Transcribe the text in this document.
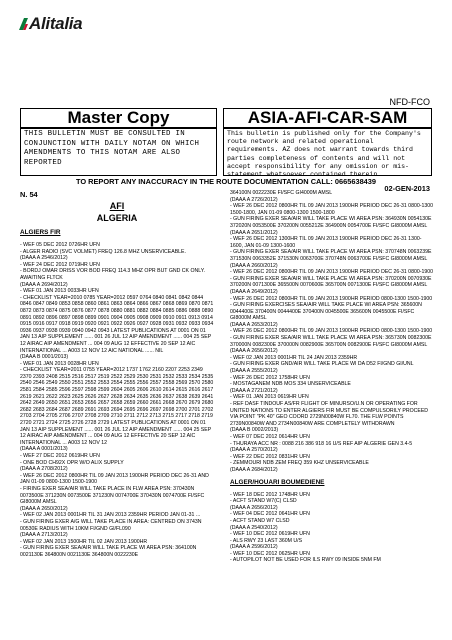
Alitalia
NFD-FCO
Master Copy	ASIA-AFI-CAR-SAM
THIS BULLETIN MUST BE CONSULTED IN CONJUNCTION WITH DAILY NOTAM ON WHICH AMENDMENTS TO THIS NOTAM ARE ALSO REPORTED
This bulletin is published only for the Company's route network and related operational requirements. AZ does not warrant towards third parties completeness of contents and will not accept responsibility for any omission or mis-statement whatsoever contained therein.
TO REPORT ANY INACCURACY IN THE ROUTE DOCUMENTATION CALL: 0665638439
02-GEN-2013
N. 54
AFI
ALGERIA
ALGIERS FIR

- WEF 05 DEC 2012 0726HR UFN
- ALGER RADIO (SVC VOLMET) FREQ 126.8 MHZ UNSERVICEABLE.
(DAAA A 2546/2012)

- WEF 24 DEC 2012 0719HR UFN
- BORDJ OMAR DRISS VOR BOD FREQ 114.3 MHZ OPR BUT GND CK ONLY. AWAITING FLTCK
(DAAA A 2694/2012)

- WEF 01 JAN 2013 0033HR UFN
- CHECKLIST YEAR=2010 0785 YEAR=2012 0597 0764 0840 0841 0842 0844 0846 0847 0849 0853 0858 0860 0861 0863 0864 0866 0867 0868 0869 0870 0871 0872 0873 0874 0875 0876 0877 0878 0880 0881 0882 0884 0885 0886 0888 0890 0891 0892 0896 0897 0898 0899 0901 0904 0905 0908 0909 0910 0911 0913 0914 0915 0916 0917 0918 0919 0920 0921 0922 0926 0927 0928 0931 0932 0933 0934 0936 0937 0938 0939 0940 0942 0943 LATEST PUBLICATIONS AT 0001 ON 01 JAN 13 AIP SUPPLEMENT ...... 001 26 JUL 12 AIP AMENDMENT ...... 004 25 SEP 12 AIRAC AIP AMENDMENT ... 004 09 AUG 12 EFFECTIVE 20 SEP 12 AIC INTERNATIONAL ... A003 12 NOV 12 AIC NATIONAL ...... NIL
(DAAA B 0001/2013)

- WEF 01 JAN 2013 0028HR UFN
- CHECKLIST YEAR=2011 0755 YEAR=2012 1737 1762 2160 2207 2253 2349 2370 2393 2408 2515 2516 2517 2519 2522 2529 2530 2531 2532 2533 2534 2535 2540 2546 2549 2550 2551 2552 2553 2554 2555 2556 2557 2558 2569 2570 2580 2581 2584 2585 2596 2597 2598 2599 2604 2605 2606 2610 2614 2615 2616 2617 2619 2621 2622 2623 2625 2626 2627 2628 2634 2635 2636 2637 2638 2639 2641 2642 2649 2650 2651 2653 2656 2657 2658 2659 2660 2661 2668 2670 2679 2680 2682 2683 2684 2687 2689 2691 2693 2694 2695 2696 2697 2698 2700 2701 2702 2703 2704 2705 2706 2707 2708 2709 2710 2711 2712 2713 2715 2717 2718 2719 2720 2721 2724 2725 2726 2728 2729 LATEST PUBLICATIONS AT 0001 ON 01 JAN 13 AIP SUPPLEMENT ...... 001 26 JUL 12 AIP AMENDMENT ...... 004 25 SEP 12 AIRAC AIP AMENDMENT ... 004 09 AUG 12 EFFECTIVE 20 SEP 12 AIC INTERNATIONAL ... A003 12 NOV 12
(DAAA A 0001/2013)

- WEF 27 DEC 2012 0619HR UFN
- ONE BOD CH92X OPR W/O ALIX SUPPLY
(DAAA A 2708/2012)

- WEF 26 DEC 2012 0800HR TIL 09 JAN 2013 1900HR PERIOD DEC 26-31 AND JAN 01-09 0800-1300 1500-1900
- FIRING EXER SEA/AIR WILL TAKE PLACE IN FLW AREA PSN: 370430N 0073500E 371230N 0073500E 371230N 0074700E 370430N 0074700E FI/SFC GI8000M AMSL
(DAAA A 2650/2012)

- WEF 02 JAN 2013 0001HR TIL 31 JAN 2013 2359HR PERIOD JAN 01-31 ...
- GUN FIRING EXER A/G WILL TAKE PLACE IN AREA: CENTRED ON 3743N 00530E RADIUS WITH 10KM FI/GND GI/FL090
(DAAA A 2713/2012)

- WEF 02 JAN 2013 1500HR TIL 02 JAN 2013 1900HR
- GUN FIRING EXER SEA/AIR WILL TAKE PLACE WI AREA PSN: 364100N 0021130E 364800N 0021130E 364800N 0022230E

364100N 0022230E FI/SFC GI4000M AMSL
(DAAA A 2726/2012)

- WEF 26 DEC 2012 0800HR TIL 09 JAN 2013 1900HR PERIOD DEC 26-31 0800-1300 1500-1800, JAN 01-09 0800-1300 1500-1800
- GUN FIRING EXER SEA/AIR WILL TAKE PLACE WI AREA PSN: 364930N 0054130E 372020N 0053500E 370200N 0055212E 364900N 0054700E FI/SFC GI8000M AMSL
(DAAA A 2651/2012)

- WEF 26 DEC 2012 1300HR TIL 09 JAN 2013 1900HR PERIOD DEC 26-31 1300-1600, JAN 01-09 1300-1600
- GUN FIRING EXER SEA/AIR WILL TAKE PLACE WI AREA PSN: 370748N 0063239E 371530N 0063352E 371530N 0063700E 370748N 0063700E FI/SFC GI8000M AMSL
(DAAA A 2660/2012)

- WEF 26 DEC 2012 0800HR TIL 09 JAN 2013 1900HR PERIOD DEC 26-31 0800-1900
- GUN FIRING EXER SEA/AIR WILL TAKE PLACE WI AREA PSN: 370200N 0070930E 370200N 0071300E 365500N 0070600E 365700N 0071300E FI/SFC GI8000M AMSL
(DAAA A 2649/2012)

- WEF 26 DEC 2012 0800HR TIL 09 JAN 2013 1900HR PERIOD 0800-1300 1500-1900
- GUN FIRING EXERCISES SEA/AIR WILL TAKE PLACE WI AREA PSN: 365600N 0044400E 370400N 0044400E 370400N 0045500E 365600N 0045500E FI/SFC GI8000M AMSL
(DAAA A 2653/2012)

- WEF 26 DEC 2012 0800HR TIL 09 JAN 2013 1900HR PERIOD 0800-1300 1500-1900
- GUN FIRING EXER SEA/AIR WILL TAKE PLACE WI AREA PSN: 365730N 0082300E 370000N 0082300E 370000N 0082900E 365700N 0082900E FI/SFC GI8000M AMSL
(DAAA A 2656/2012)

- WEF 02 JAN 2013 0001HR TIL 24 JAN 2013 2359HR
- GUN FIRING EXER GND/AIR WILL TAKE PLACE WI DA D52 FI/GND GI/UNL
(DAAA A 2555/2012)

- WEF 26 DEC 2012 1758HR UFN
- MOSTAGANEM NDB MOS 334 UNSERVICEABLE
(DAAA A 2721/2012)

- WEF 01 JAN 2013 0619HR UFN
- REF DASF TINDOUF AS/FR FLIGHT OF MINURSO/U.N OR OPERATING FOR UNITED NATIONS TO ENTER ALGIERS FIR MUST BE COMPULSORILY PROCEED VIA POINT "PK 40" GEO COORD 2729N00840W FL70. THE FLW POINTS 2739N00840W AND 2734N00840W ARE COMPLETELY WITHDRAWN
(DAAA B 0002/2013)

- WEF 07 DEC 2012 0614HR UFN
- THURAYA ACC NR : 0088 216 386 918 16 U/S REF AIP ALGERIE GEN 3.4-5
(DAAA A 2570/2012)

- WEF 22 DEC 2012 0831HR UFN
- ZEMMOURI NDB ZEM FREQ 359 KHZ UNSERVICEABLE
(DAAA A 2684/2012)

ALGER/HOUARI BOUMEDIENE

- WEF 18 DEC 2012 1748HR UFN
- ACFT STAND W7(C) CLSD
(DAAA A 2656/2012)

- WEF 04 DEC 2012 0641HR UFN
- ACFT STAND W7 CLSD
(DAAA A 2540/2012)

- WEF 10 DEC 2012 0619HR UFN
- ALS RWY 23 LAST 360M U/S
(DAAA A 2596/2012)

- WEF 10 DEC 2012 0625HR UFN
- AUTOPILOT NOT BE USED FOR ILS RWY 09 INSIDE 5NM FM
